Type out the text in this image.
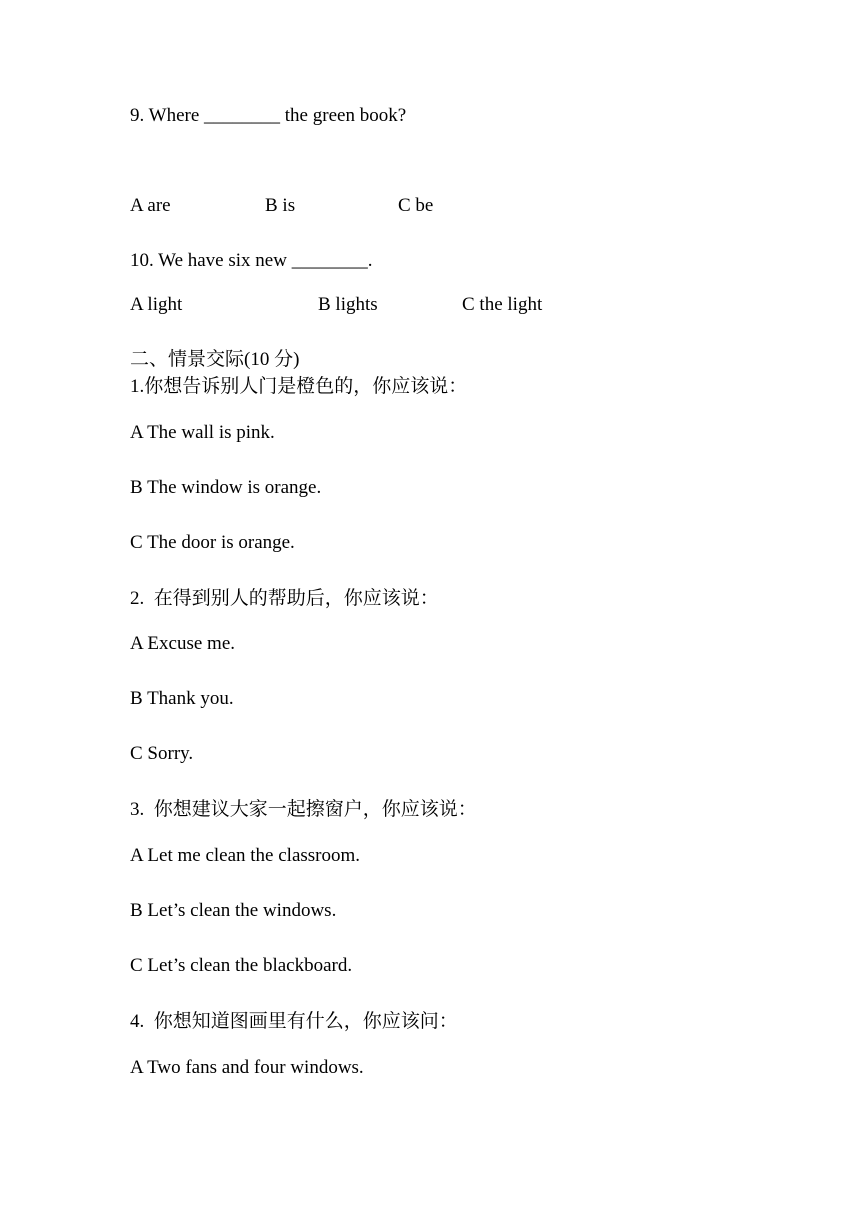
9. Where ________ the green book?
A are	B is	C be
10. We have six new ________.
A light	B lights	C the light
二、情景交际(10 分)
1.你想告诉别人门是橙色的，你应该说：
A The wall is pink.
B The window is orange.
C The door is orange.
2.  在得到别人的帮助后，你应该说：
A Excuse me.
B Thank you.
C Sorry.
3.  你想建议大家一起擦窗户，你应该说：
A Let me clean the classroom.
B Let’s clean the windows.
C Let’s clean the blackboard.
4.  你想知道图画里有什么，你应该问：
A Two fans and four windows.
